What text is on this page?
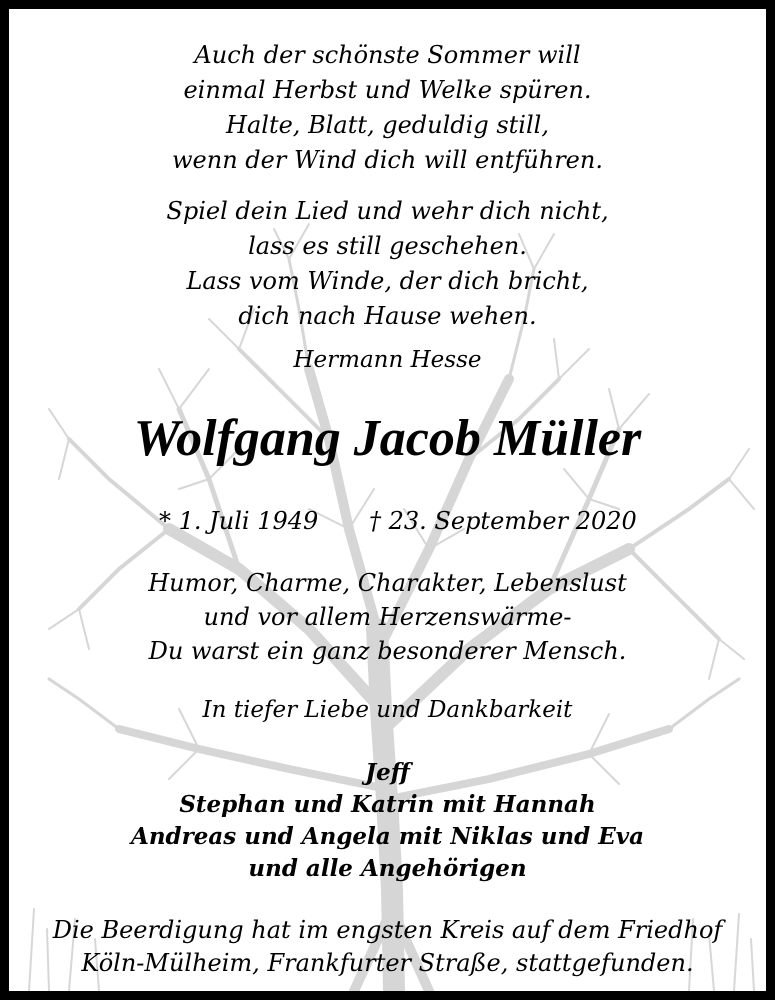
Auch der schönste Sommer will
einmal Herbst und Welke spüren.
Halte, Blatt, geduldig still,
wenn der Wind dich will entführen.
Spiel dein Lied und wehr dich nicht,
lass es still geschehen.
Lass vom Winde, der dich bricht,
dich nach Hause wehen.
Hermann Hesse
Wolfgang Jacob Müller
* 1. Juli 1949 † 23. September 2020
Humor, Charme, Charakter, Lebenslust
und vor allem Herzenswärme-
Du warst ein ganz besonderer Mensch.
In tiefer Liebe und Dankbarkeit
Jeff
Stephan und Katrin mit Hannah
Andreas und Angela mit Niklas und Eva
und alle Angehörigen
Die Beerdigung hat im engsten Kreis auf dem Friedhof
Köln-Mülheim, Frankfurter Straße, stattgefunden.
